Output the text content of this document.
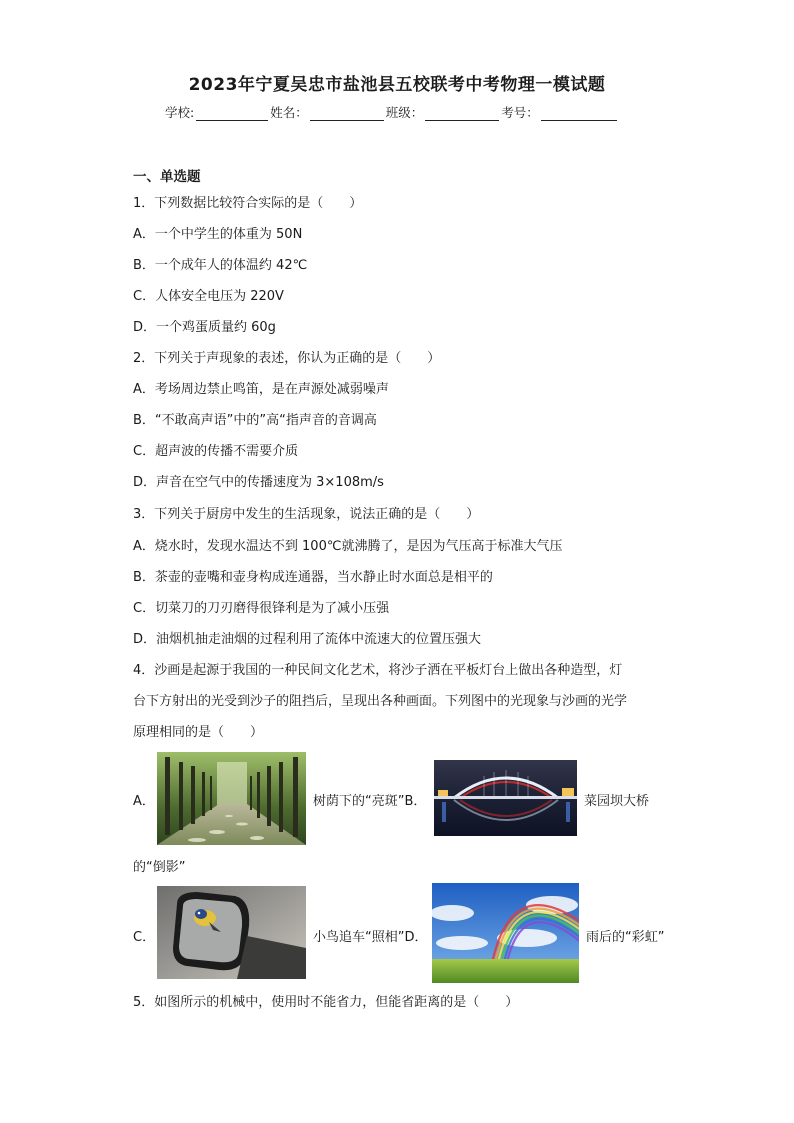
2023年宁夏吴忠市盐池县五校联考中考物理一模试题
学校:	姓名：	班级：	考号：
一、单选题
1．下列数据比较符合实际的是（　　）
A．一个中学生的体重为 50N
B．一个成年人的体温约 42℃
C．人体安全电压为 220V
D．一个鸡蛋质量约 60g
2．下列关于声现象的表述，你认为正确的是（　　）
A．考场周边禁止鸣笛，是在声源处减弱噪声
B．“不敢高声语”中的”高“指声音的音调高
C．超声波的传播不需要介质
D．声音在空气中的传播速度为 3×108m/s
3．下列关于厨房中发生的生活现象，说法正确的是（　　）
A．烧水时，发现水温达不到 100℃就沸腾了，是因为气压高于标准大气压
B．茶壶的壶嘴和壶身构成连通器，当水静止时水面总是相平的
C．切菜刀的刀刃磨得很锋利是为了减小压强
D．油烟机抽走油烟的过程利用了流体中流速大的位置压强大
4．沙画是起源于我国的一种民间文化艺术，将沙子洒在平板灯台上做出各种造型，灯
台下方射出的光受到沙子的阻挡后，呈现出各种画面。下列图中的光现象与沙画的光学
原理相同的是（　　）
A．	树荫下的“亮斑”B．	菜园坝大桥
的“倒影”
C．	小鸟追车“照相”D．	雨后的“彩虹”
5．如图所示的机械中，使用时不能省力，但能省距离的是（　　）
